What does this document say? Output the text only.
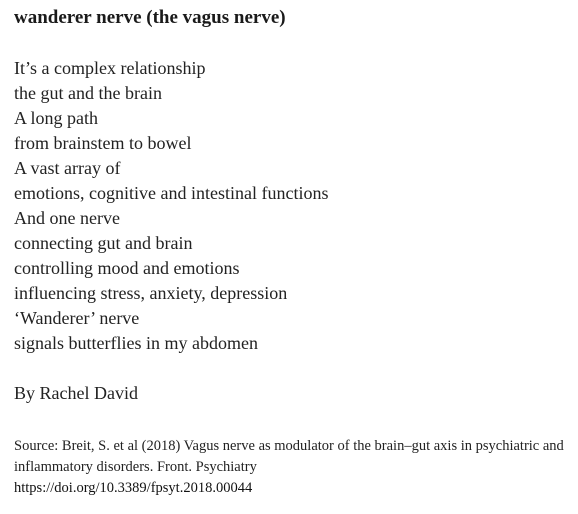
wanderer nerve (the vagus nerve)

It’s a complex relationship

the gut and the brain

A long path

from brainstem to bowel

A vast array of

emotions, cognitive and intestinal functions

And one nerve

connecting gut and brain

controlling mood and emotions

influencing stress, anxiety, depression

‘Wanderer’ nerve

signals butterflies in my abdomen

By Rachel David
Source: Breit, S. et al (2018) Vagus nerve as modulator of the brain–gut axis in psychiatric and inflammatory disorders. Front. Psychiatry
https://doi.org/10.3389/fpsyt.2018.00044
